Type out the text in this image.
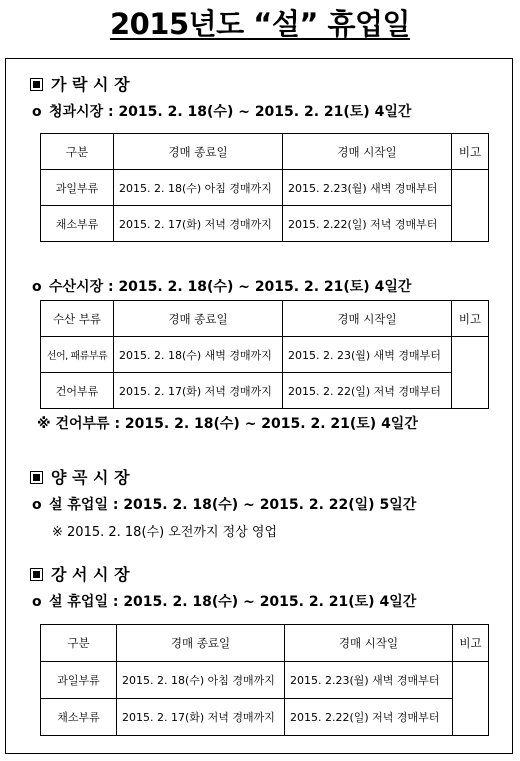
2015년도 “설” 휴업일
가 락 시 장
o 청과시장 : 2015. 2. 18(수) ~ 2015. 2. 21(토) 4일간
구분	경매 종료일	경매 시작일	비고
과일부류	2015. 2. 18(수) 아침 경매까지	2015. 2.23(월) 새벽 경매부터	
채소부류	2015. 2. 17(화) 저녁 경매까지	2015. 2.22(일) 저녁 경매부터	
o 수산시장 : 2015. 2. 18(수) ~ 2015. 2. 21(토) 4일간
수산 부류	경매 종료일	경매 시작일	비고
선어, 패류부류	2015. 2. 18(수) 새벽 경매까지	2015. 2. 23(월) 새벽 경매부터	
건어부류	2015. 2. 17(화) 저녁 경매까지	2015. 2. 22(일) 저녁 경매부터	
※ 건어부류 : 2015. 2. 18(수) ~ 2015. 2. 21(토) 4일간
양 곡 시 장
o 설 휴업일 : 2015. 2. 18(수) ~ 2015. 2. 22(일) 5일간
※ 2015. 2. 18(수) 오전까지 정상 영업
강 서 시 장
o 설 휴업일 : 2015. 2. 18(수) ~ 2015. 2. 21(토) 4일간
구분	경매 종료일	경매 시작일	비고
과일부류	2015. 2. 18(수) 아침 경매까지	2015. 2.23(월) 새벽 경매부터	
채소부류	2015. 2. 17(화) 저녁 경매까지	2015. 2.22(일) 저녁 경매부터	
